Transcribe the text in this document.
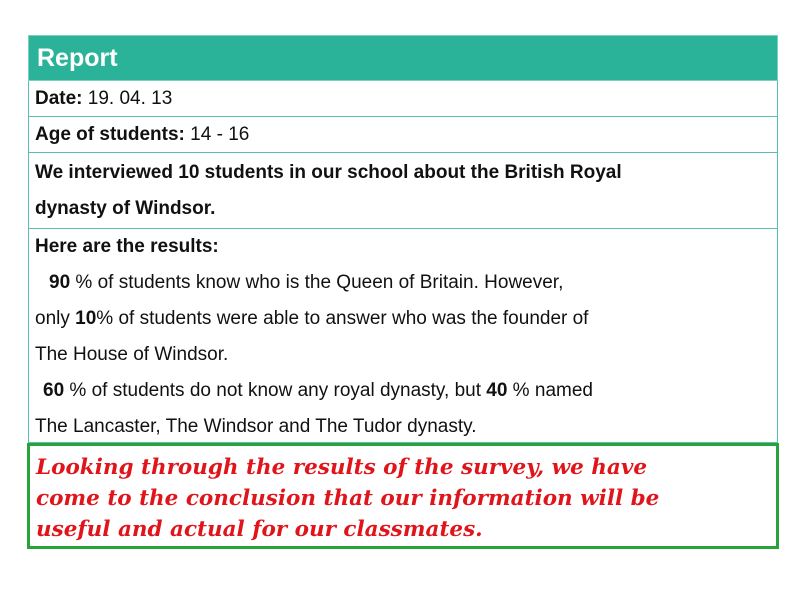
Report
Date: 19. 04. 13
Age of students: 14 - 16
We interviewed 10 students in our school about the British Royal
dynasty of Windsor.
Here are the results:
90 % of students know who is the Queen of Britain. However,
only 10% of students were able to answer who was the founder of
The House of Windsor.
60 % of students do not know any royal dynasty, but 40 % named
The Lancaster, The Windsor and The Tudor dynasty.
Looking through the results of the survey, we have
come to the conclusion that our information will be
useful and actual for our classmates.
